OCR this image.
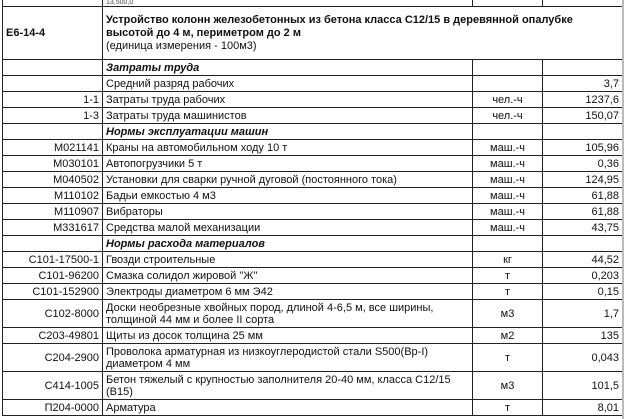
	13,500,0		
Е6-14-4	Устройство колонн железобетонных из бетона класса С12/15 в деревянной опалубке высотой до 4 м, периметром до 2 м
(единица измерения - 100м3)		
	Затраты труда		
	Средний разряд рабочих		3,7
1-1	Затраты труда рабочих	чел.-ч	1237,6
1-3	Затраты труда машинистов	чел.-ч	150,07
	Нормы эксплуатации машин		
М021141	Краны на автомобильном ходу 10 т	маш.-ч	105,96
М030101	Автопогрузчики 5 т	маш.-ч	0,36
М040502	Установки для сварки ручной дуговой (постоянного тока)	маш.-ч	124,95
М110102	Бадьи емкостью 4 м3	маш.-ч	61,88
М110907	Вибраторы	маш.-ч	61,88
М331617	Средства малой механизации	маш.-ч	43,75
	Нормы расхода материалов		
С101-17500-1	Гвозди строительные	кг	44,52
С101-96200	Смазка солидол жировой "Ж"	т	0,203
С101-152900	Электроды диаметром 6 мм Э42	т	0,15
С102-8000	Доски необрезные хвойных пород, длиной 4-6,5 м, все ширины, толщиной 44 мм и более II сорта	м3	1,7
С203-49801	Щиты из досок толщина 25 мм	м2	135
С204-2900	Проволока арматурная из низкоуглеродистой стали S500(Вр-I) диаметром 4 мм	т	0,043
С414-1005	Бетон тяжелый с крупностью заполнителя 20-40 мм, класса С12/15 (В15)	м3	101,5
П204-0000	Арматура	т	8,01
